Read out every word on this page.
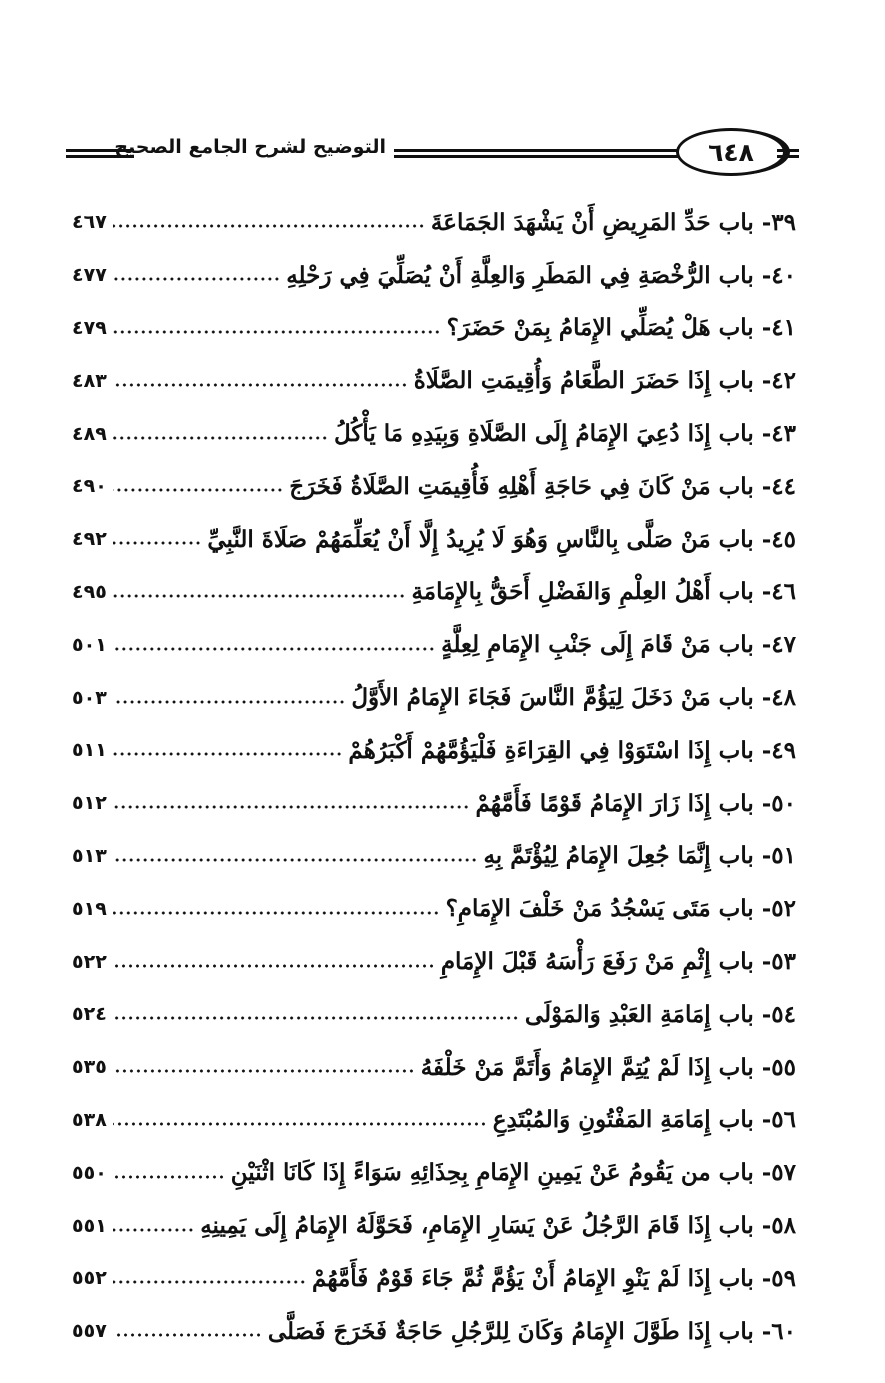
التوضيح لشرح الجامع الصحيح	٦٤٨
٣٩- باب حَدِّ المَرِيضِ أَنْ يَشْهَدَ الجَمَاعَةَ
٤٦٧
٤٠- باب الرُّخْصَةِ فِي المَطَرِ وَالعِلَّةِ أَنْ يُصَلِّيَ فِي رَحْلِهِ
٤٧٧
٤١- باب هَلْ يُصَلِّي الإِمَامُ بِمَنْ حَضَرَ؟
٤٧٩
٤٢- باب إِذَا حَضَرَ الطَّعَامُ وَأُقِيمَتِ الصَّلَاةُ
٤٨٣
٤٣- باب إِذَا دُعِيَ الإِمَامُ إِلَى الصَّلَاةِ وَبِيَدِهِ مَا يَأْكُلُ
٤٨٩
٤٤- باب مَنْ كَانَ فِي حَاجَةِ أَهْلِهِ فَأُقِيمَتِ الصَّلَاةُ فَخَرَجَ
٤٩٠
٤٥- باب مَنْ صَلَّى بِالنَّاسِ وَهُوَ لَا يُرِيدُ إِلَّا أَنْ يُعَلِّمَهُمْ صَلَاةَ النَّبِيِّ
٤٩٢
٤٦- باب أَهْلُ العِلْمِ وَالفَضْلِ أَحَقُّ بِالإِمَامَةِ
٤٩٥
٤٧- باب مَنْ قَامَ إِلَى جَنْبِ الإِمَامِ لِعِلَّةٍ
٥٠١
٤٨- باب مَنْ دَخَلَ لِيَؤُمَّ النَّاسَ فَجَاءَ الإِمَامُ الأَوَّلُ
٥٠٣
٤٩- باب إِذَا اسْتَوَوْا فِي القِرَاءَةِ فَلْيَؤُمَّهُمْ أَكْبَرُهُمْ
٥١١
٥٠- باب إِذَا زَارَ الإِمَامُ قَوْمًا فَأَمَّهُمْ
٥١٢
٥١- باب إِنَّمَا جُعِلَ الإِمَامُ لِيُؤْتَمَّ بِهِ
٥١٣
٥٢- باب مَتَى يَسْجُدُ مَنْ خَلْفَ الإِمَامِ؟
٥١٩
٥٣- باب إِثْمِ مَنْ رَفَعَ رَأْسَهُ قَبْلَ الإِمَامِ
٥٢٢
٥٤- باب إِمَامَةِ العَبْدِ وَالمَوْلَى
٥٢٤
٥٥- باب إِذَا لَمْ يُتِمَّ الإِمَامُ وَأَتَمَّ مَنْ خَلْفَهُ
٥٣٥
٥٦- باب إِمَامَةِ المَفْتُونِ وَالمُبْتَدِعِ
٥٣٨
٥٧- باب من يَقُومُ عَنْ يَمِينِ الإِمَامِ بِحِذَائِهِ سَوَاءً إِذَا كَانَا اثْنَيْنِ
٥٥٠
٥٨- باب إِذَا قَامَ الرَّجُلُ عَنْ يَسَارِ الإِمَامِ، فَحَوَّلَهُ الإِمَامُ إِلَى يَمِينِهِ
٥٥١
٥٩- باب إِذَا لَمْ يَنْوِ الإِمَامُ أَنْ يَؤُمَّ ثُمَّ جَاءَ قَوْمٌ فَأَمَّهُمْ
٥٥٢
٦٠- باب إِذَا طَوَّلَ الإِمَامُ وَكَانَ لِلرَّجُلِ حَاجَةٌ فَخَرَجَ فَصَلَّى
٥٥٧
